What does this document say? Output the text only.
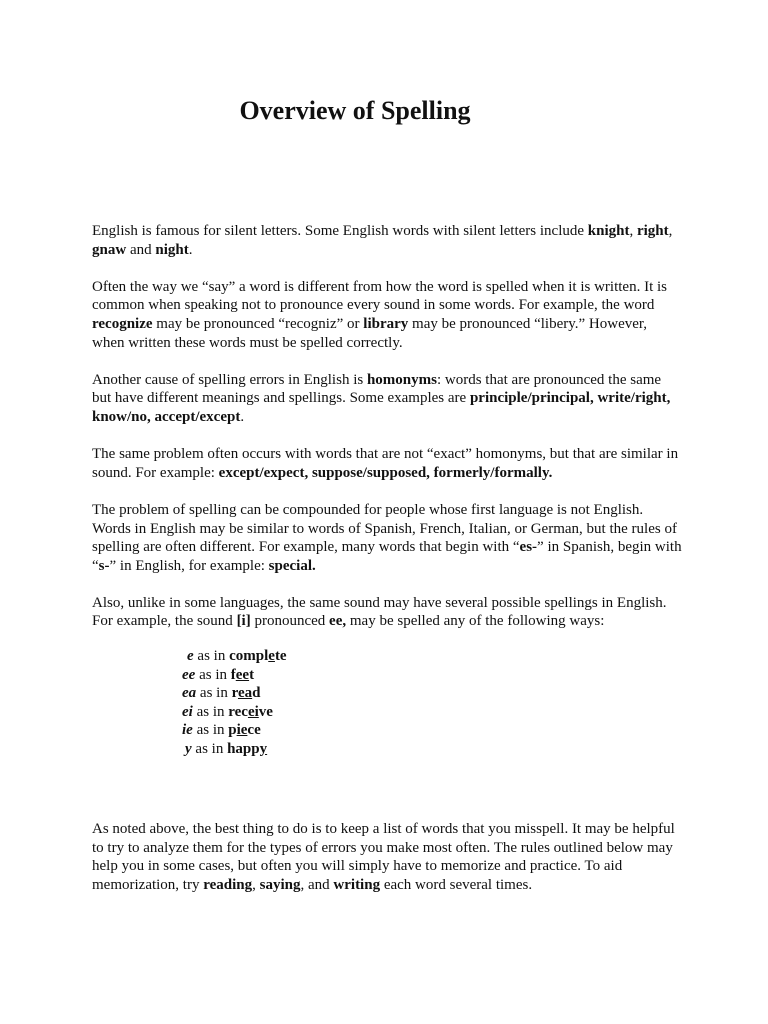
Overview of Spelling

English is famous for silent letters. Some English words with silent letters include knight, right, gnaw and night.

Often the way we “say” a word is different from how the word is spelled when it is written. It is common when speaking not to pronounce every sound in some words. For example, the word recognize may be pronounced “recogniz” or library may be pronounced “libery.” However, when written these words must be spelled correctly.

Another cause of spelling errors in English is homonyms: words that are pronounced the same but have different meanings and spellings. Some examples are principle/principal, write/right, know/no, accept/except.

The same problem often occurs with words that are not “exact” homonyms, but that are similar in sound. For example: except/expect, suppose/supposed, formerly/formally.

The problem of spelling can be compounded for people whose first language is not English. Words in English may be similar to words of Spanish, French, Italian, or German, but the rules of spelling are often different. For example, many words that begin with “es-” in Spanish, begin with “s-” in English, for example: special.

Also, unlike in some languages, the same sound may have several possible spellings in English. For example, the sound [i] pronounced ee, may be spelled any of the following ways:

e as in complete
ee as in feet
ea as in read
ei as in receive
ie as in piece
y as in happy

As noted above, the best thing to do is to keep a list of words that you misspell. It may be helpful to try to analyze them for the types of errors you make most often. The rules outlined below may help you in some cases, but often you will simply have to memorize and practice. To aid memorization, try reading, saying, and writing each word several times.
